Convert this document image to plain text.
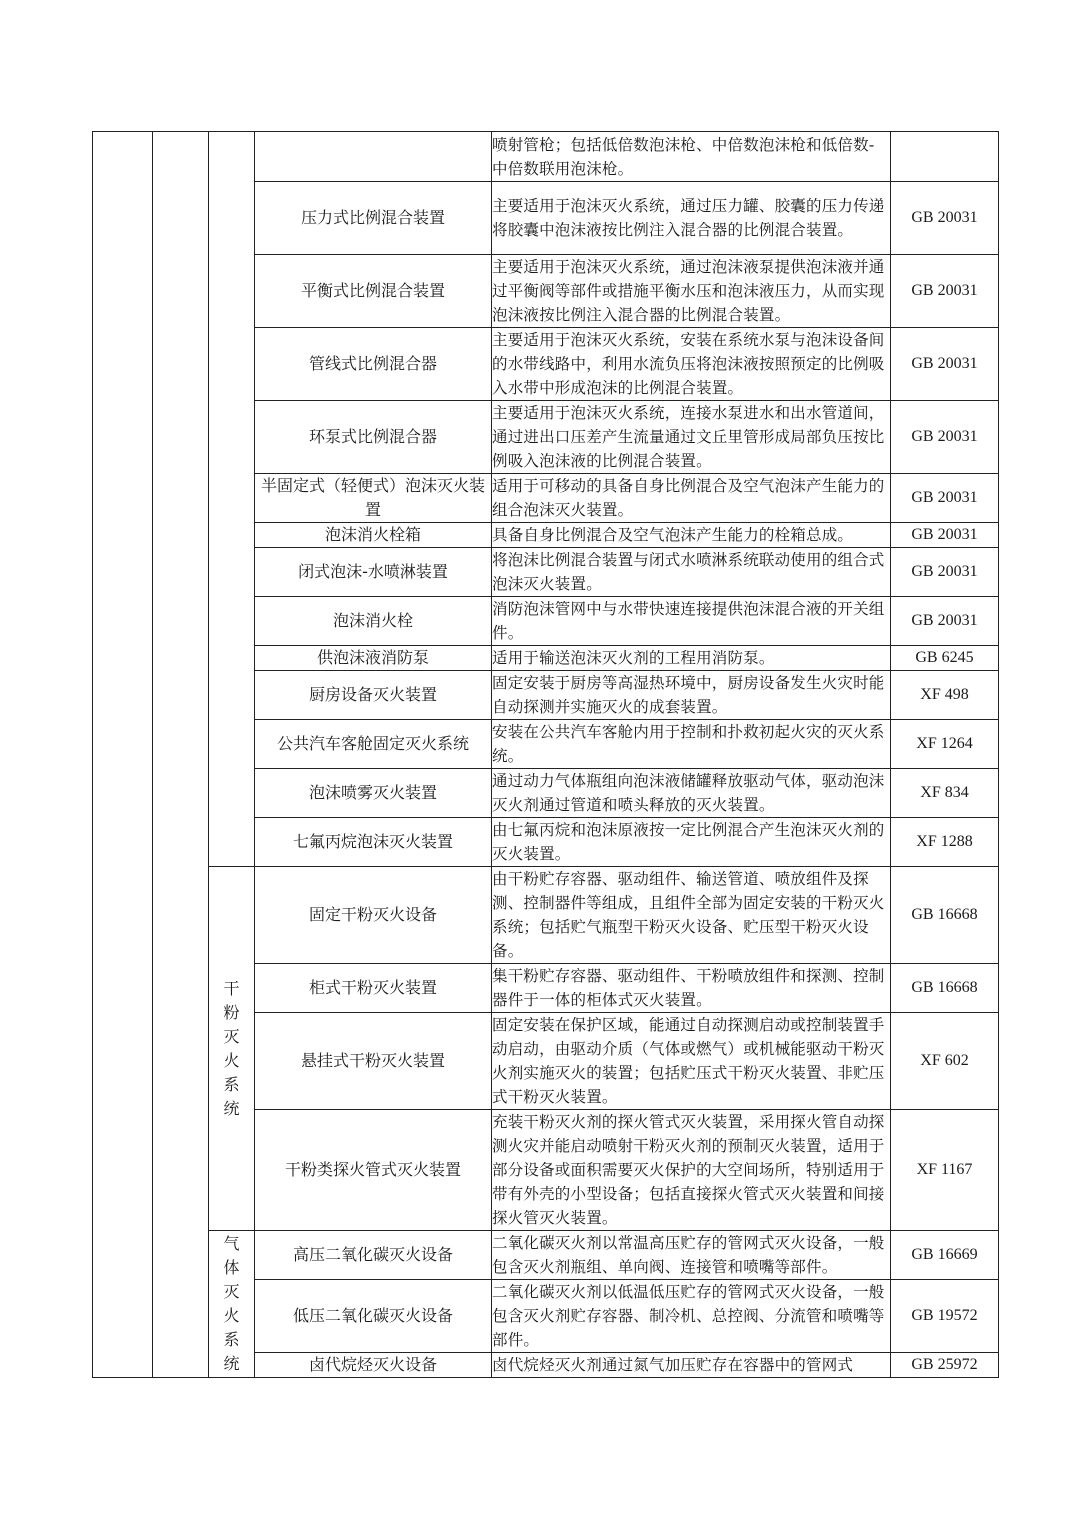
				喷射管枪；包括低倍数泡沫枪、中倍数泡沫枪和低倍数-中倍数联用泡沫枪。	
			压力式比例混合装置	主要适用于泡沫灭火系统，通过压力罐、胶囊的压力传递将胶囊中泡沫液按比例注入混合器的比例混合装置。	GB 20031
			平衡式比例混合装置	主要适用于泡沫灭火系统，通过泡沫液泵提供泡沫液并通过平衡阀等部件或措施平衡水压和泡沫液压力，从而实现泡沫液按比例注入混合器的比例混合装置。	GB 20031
			管线式比例混合器	主要适用于泡沫灭火系统，安装在系统水泵与泡沫设备间的水带线路中，利用水流负压将泡沫液按照预定的比例吸入水带中形成泡沫的比例混合装置。	GB 20031
			环泵式比例混合器	主要适用于泡沫灭火系统，连接水泵进水和出水管道间，通过进出口压差产生流量通过文丘里管形成局部负压按比例吸入泡沫液的比例混合装置。	GB 20031
			半固定式（轻便式）泡沫灭火装置	适用于可移动的具备自身比例混合及空气泡沫产生能力的组合泡沫灭火装置。	GB 20031
			泡沫消火栓箱	具备自身比例混合及空气泡沫产生能力的栓箱总成。	GB 20031
			闭式泡沫-水喷淋装置	将泡沫比例混合装置与闭式水喷淋系统联动使用的组合式泡沫灭火装置。	GB 20031
			泡沫消火栓	消防泡沫管网中与水带快速连接提供泡沫混合液的开关组件。	GB 20031
			供泡沫液消防泵	适用于输送泡沫灭火剂的工程用消防泵。	GB 6245
			厨房设备灭火装置	固定安装于厨房等高湿热环境中，厨房设备发生火灾时能自动探测并实施灭火的成套装置。	XF 498
			公共汽车客舱固定灭火系统	安装在公共汽车客舱内用于控制和扑救初起火灾的灭火系统。	XF 1264
			泡沫喷雾灭火装置	通过动力气体瓶组向泡沫液储罐释放驱动气体，驱动泡沫灭火剂通过管道和喷头释放的灭火装置。	XF 834
			七氟丙烷泡沫灭火装置	由七氟丙烷和泡沫原液按一定比例混合产生泡沫灭火剂的灭火装置。	XF 1288
		干粉灭火系统	固定干粉灭火设备	由干粉贮存容器、驱动组件、输送管道、喷放组件及探测、控制器件等组成，且组件全部为固定安装的干粉灭火系统；包括贮气瓶型干粉灭火设备、贮压型干粉灭火设备。	GB 16668
			柜式干粉灭火装置	集干粉贮存容器、驱动组件、干粉喷放组件和探测、控制器件于一体的柜体式灭火装置。	GB 16668
			悬挂式干粉灭火装置	固定安装在保护区域，能通过自动探测启动或控制装置手动启动，由驱动介质（气体或燃气）或机械能驱动干粉灭火剂实施灭火的装置；包括贮压式干粉灭火装置、非贮压式干粉灭火装置。	XF 602
			干粉类探火管式灭火装置	充装干粉灭火剂的探火管式灭火装置，采用探火管自动探测火灾并能启动喷射干粉灭火剂的预制灭火装置，适用于部分设备或面积需要灭火保护的大空间场所，特别适用于带有外壳的小型设备；包括直接探火管式灭火装置和间接探火管灭火装置。	XF 1167
		气体灭火系统	高压二氧化碳灭火设备	二氧化碳灭火剂以常温高压贮存的管网式灭火设备，一般包含灭火剂瓶组、单向阀、连接管和喷嘴等部件。	GB 16669
			低压二氧化碳灭火设备	二氧化碳灭火剂以低温低压贮存的管网式灭火设备，一般包含灭火剂贮存容器、制冷机、总控阀、分流管和喷嘴等部件。	GB 19572
			卤代烷烃灭火设备	卤代烷烃灭火剂通过氮气加压贮存在容器中的管网式	GB 25972
